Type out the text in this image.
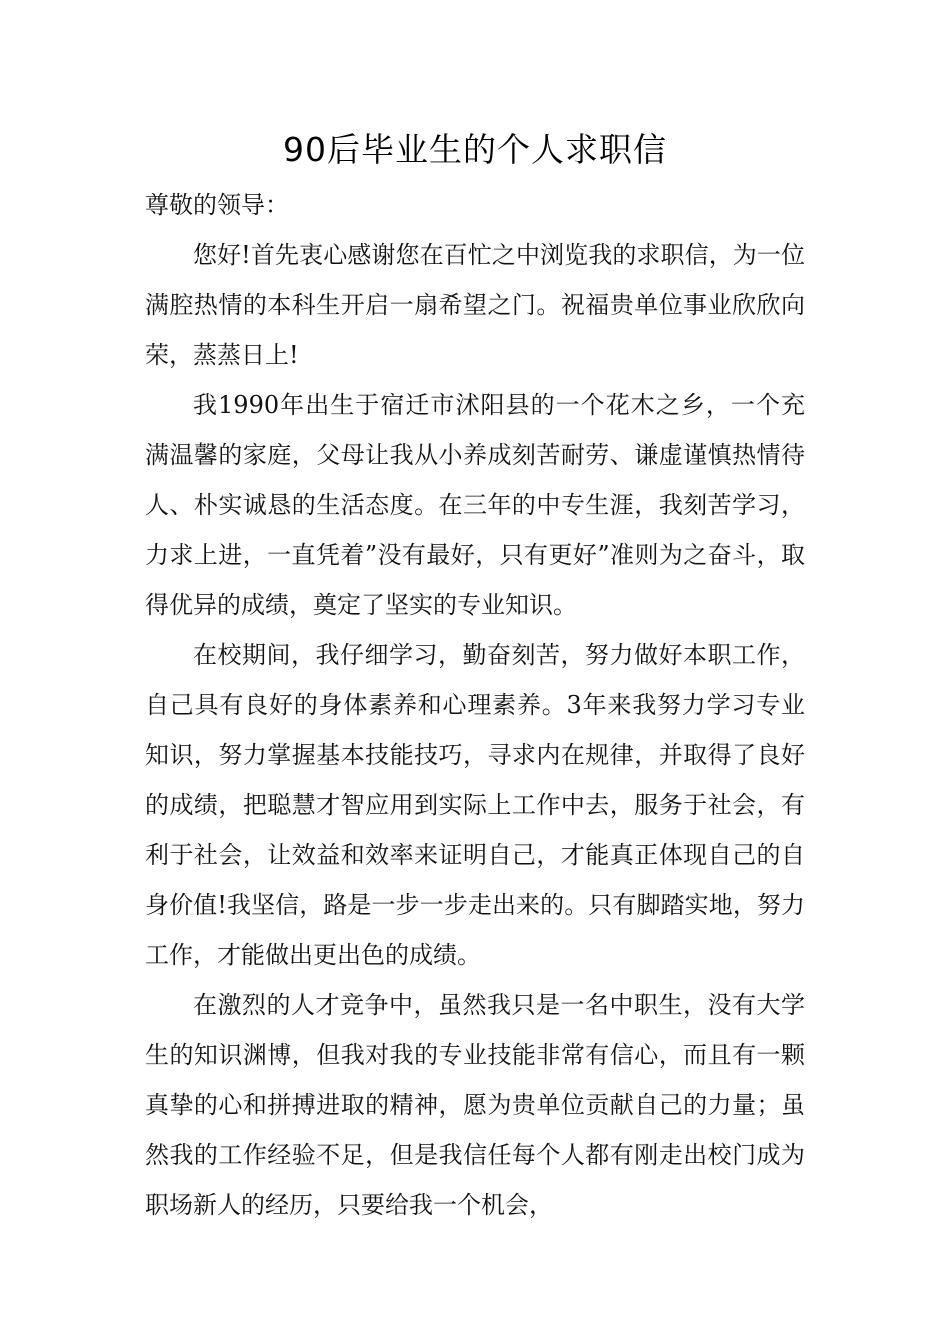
90后毕业生的个人求职信

尊敬的领导：

您好!首先衷心感谢您在百忙之中浏览我的求职信，为一位满腔热情的本科生开启一扇希望之门。祝福贵单位事业欣欣向荣，蒸蒸日上!

我1990年出生于宿迁市沭阳县的一个花木之乡，一个充满温馨的家庭，父母让我从小养成刻苦耐劳、谦虚谨慎热情待人、朴实诚恳的生活态度。在三年的中专生涯，我刻苦学习，力求上进，一直凭着”没有最好，只有更好”准则为之奋斗，取得优异的成绩，奠定了坚实的专业知识。

在校期间，我仔细学习，勤奋刻苦，努力做好本职工作，自己具有良好的身体素养和心理素养。3年来我努力学习专业知识，努力掌握基本技能技巧，寻求内在规律，并取得了良好的成绩，把聪慧才智应用到实际上工作中去，服务于社会，有利于社会，让效益和效率来证明自己，才能真正体现自己的自身价值!我坚信，路是一步一步走出来的。只有脚踏实地，努力工作，才能做出更出色的成绩。

在激烈的人才竞争中，虽然我只是一名中职生，没有大学生的知识渊博，但我对我的专业技能非常有信心，而且有一颗真挚的心和拼搏进取的精神，愿为贵单位贡献自己的力量；虽然我的工作经验不足，但是我信任每个人都有刚走出校门成为职场新人的经历，只要给我一个机会，
